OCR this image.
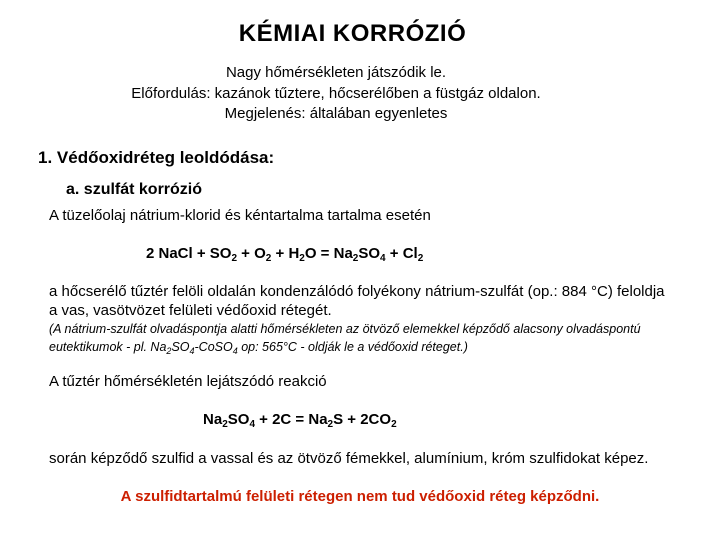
KÉMIAI KORRÓZIÓ
Nagy hőmérsékleten játszódik le.
Előfordulás: kazánok tűztere, hőcserélőben a füstgáz oldalon.
Megjelenés: általában egyenletes
1. Védőoxidréteg leoldódása:
a. szulfát korrózió
A tüzelőolaj nátrium-klorid és kéntartalma tartalma esetén
2 NaCl + $SO_2 + O_2 + H_2O = Na_2SO_4 + Cl_2$
a hőcserélő tűztér felöli oldalán kondenzálódó folyékony nátrium-szulfát (op.: 884 °C) feloldja
a vas, vasötvözet felületi védőoxid rétegét.
(A nátrium-szulfát olvadáspontja alatti hőmérsékleten az ötvöző elemekkel képződő alacsony olvadáspontú
eutektikumok - pl. $Na_2SO_4-CoSO_4$ op: 565°C - oldják le a védőoxid réteget.)
A tűztér hőmérsékletén lejátszódó reakció
$Na_2SO_4 + 2C = Na_2S + 2CO_2$
során képződő szulfid a vassal és az ötvöző fémekkel, alumínium, króm szulfidokat képez.
A szulfidtartalmú felületi rétegen nem tud védőoxid réteg képződni.
